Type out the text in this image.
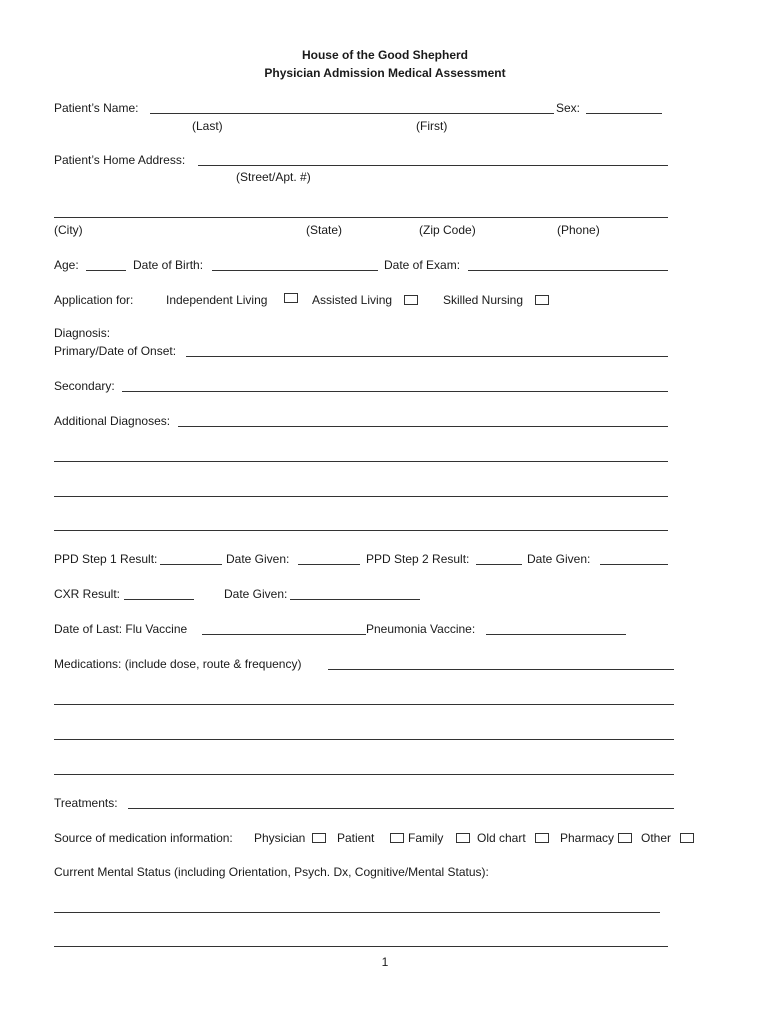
House of the Good Shepherd
Physician Admission Medical Assessment
Patient’s Name:	Sex:
(Last)	(First)
Patient’s Home Address:
(Street/Apt. #)
(City)	(State)	(Zip Code)	(Phone)
Age:	Date of Birth:	Date of Exam:
Application for:	Independent Living	Assisted Living	Skilled Nursing
Diagnosis:
Primary/Date of Onset:
Secondary:
Additional Diagnoses:
PPD Step 1 Result:	Date Given:	PPD Step 2 Result:	Date Given:
CXR Result:	Date Given:
Date of Last: Flu Vaccine	Pneumonia Vaccine:
Medications: (include dose, route & frequency)
Treatments:
Source of medication information: Physician	Patient	Family	Old chart	Pharmacy Other
Current Mental Status (including Orientation, Psych. Dx, Cognitive/Mental Status):
1
